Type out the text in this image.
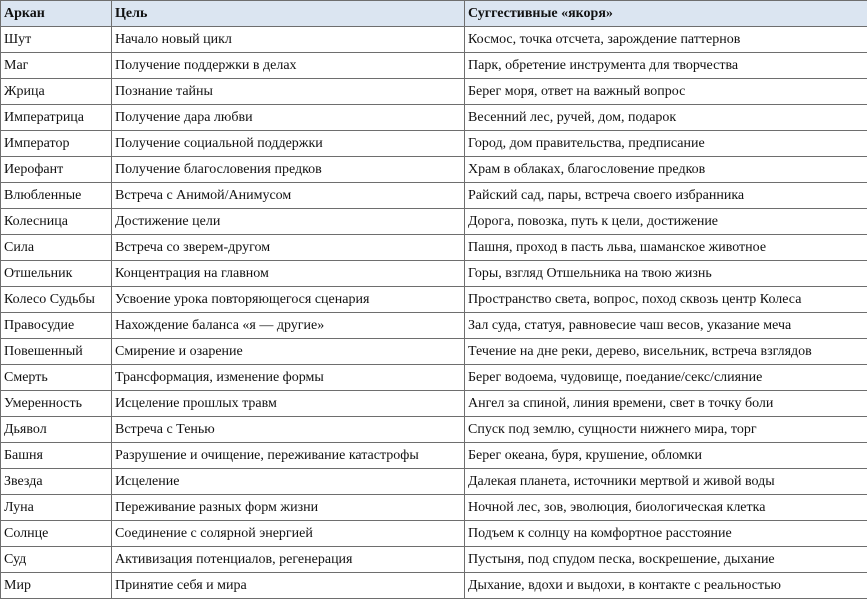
Аркан	Цель	Суггестивные «якоря»
Шут	Начало новый цикл	Космос, точка отсчета, зарождение паттернов
Маг	Получение поддержки в делах	Парк, обретение инструмента для творчества
Жрица	Познание тайны	Берег моря, ответ на важный вопрос
Императрица	Получение дара любви	Весенний лес, ручей, дом, подарок
Император	Получение социальной поддержки	Город, дом правительства, предписание
Иерофант	Получение благословения предков	Храм в облаках, благословение предков
Влюбленные	Встреча с Анимой/Анимусом	Райский сад, пары, встреча своего избранника
Колесница	Достижение цели	Дорога, повозка, путь к цели, достижение
Сила	Встреча со зверем-другом	Пашня, проход в пасть льва, шаманское животное
Отшельник	Концентрация на главном	Горы, взгляд Отшельника на твою жизнь
Колесо Судьбы	Усвоение урока повторяющегося сценария	Пространство света, вопрос, поход сквозь центр Колеса
Правосудие	Нахождение баланса «я — другие»	Зал суда, статуя, равновесие чаш весов, указание меча
Повешенный	Смирение и озарение	Течение на дне реки, дерево, висельник, встреча взглядов
Смерть	Трансформация, изменение формы	Берег водоема, чудовище, поедание/секс/слияние
Умеренность	Исцеление прошлых травм	Ангел за спиной, линия времени, свет в точку боли
Дьявол	Встреча с Тенью	Спуск под землю, сущности нижнего мира, торг
Башня	Разрушение и очищение, переживание катастрофы	Берег океана, буря, крушение, обломки
Звезда	Исцеление	Далекая планета, источники мертвой и живой воды
Луна	Переживание разных форм жизни	Ночной лес, зов, эволюция, биологическая клетка
Солнце	Соединение с солярной энергией	Подъем к солнцу на комфортное расстояние
Суд	Активизация потенциалов, регенерация	Пустыня, под спудом песка, воскрешение, дыхание
Мир	Принятие себя и мира	Дыхание, вдохи и выдохи, в контакте с реальностью
